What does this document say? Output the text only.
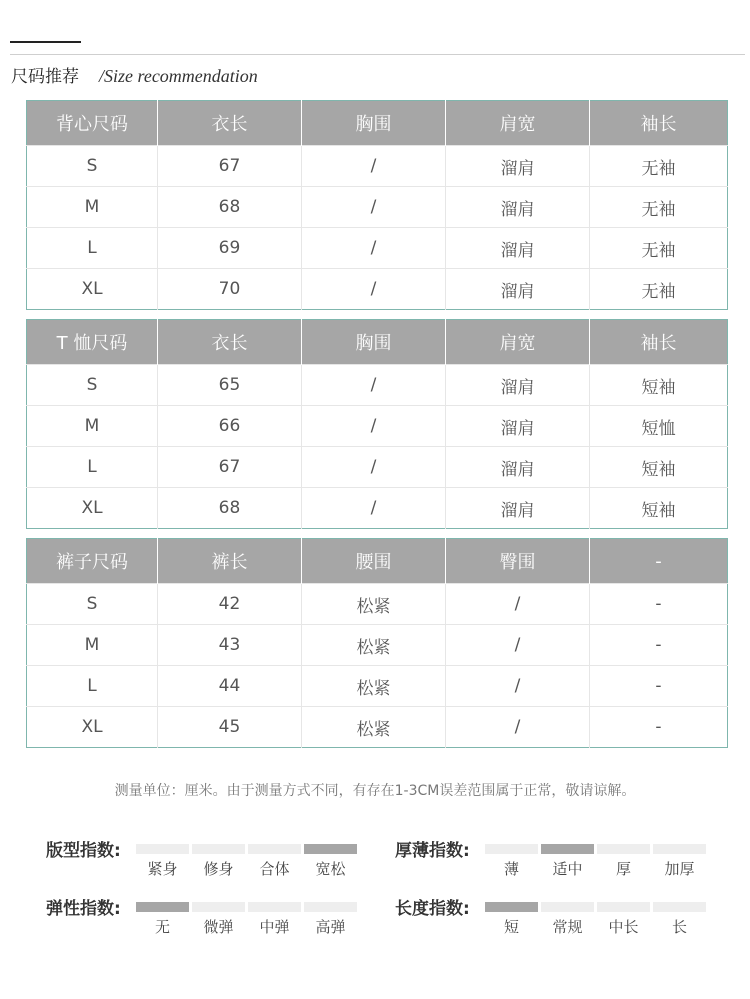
尺码推荐 /Size recommendation
背心尺码	衣长	胸围	肩宽	袖长
S	67	/	溜肩	无袖
M	68	/	溜肩	无袖
L	69	/	溜肩	无袖
XL	70	/	溜肩	无袖
T 恤尺码	衣长	胸围	肩宽	袖长
S	65	/	溜肩	短袖
M	66	/	溜肩	短恤
L	67	/	溜肩	短袖
XL	68	/	溜肩	短袖
裤子尺码	裤长	腰围	臀围	-
S	42	松紧	/	-
M	43	松紧	/	-
L	44	松紧	/	-
XL	45	松紧	/	-
测量单位：厘米。由于测量方式不同，有存在1-3CM误差范围属于正常，敬请谅解。
版型指数:
紧身	修身	合体	宽松
厚薄指数:
薄	适中	厚	加厚
弹性指数:
无	微弹	中弹	高弹
长度指数:
短	常规	中长	长
